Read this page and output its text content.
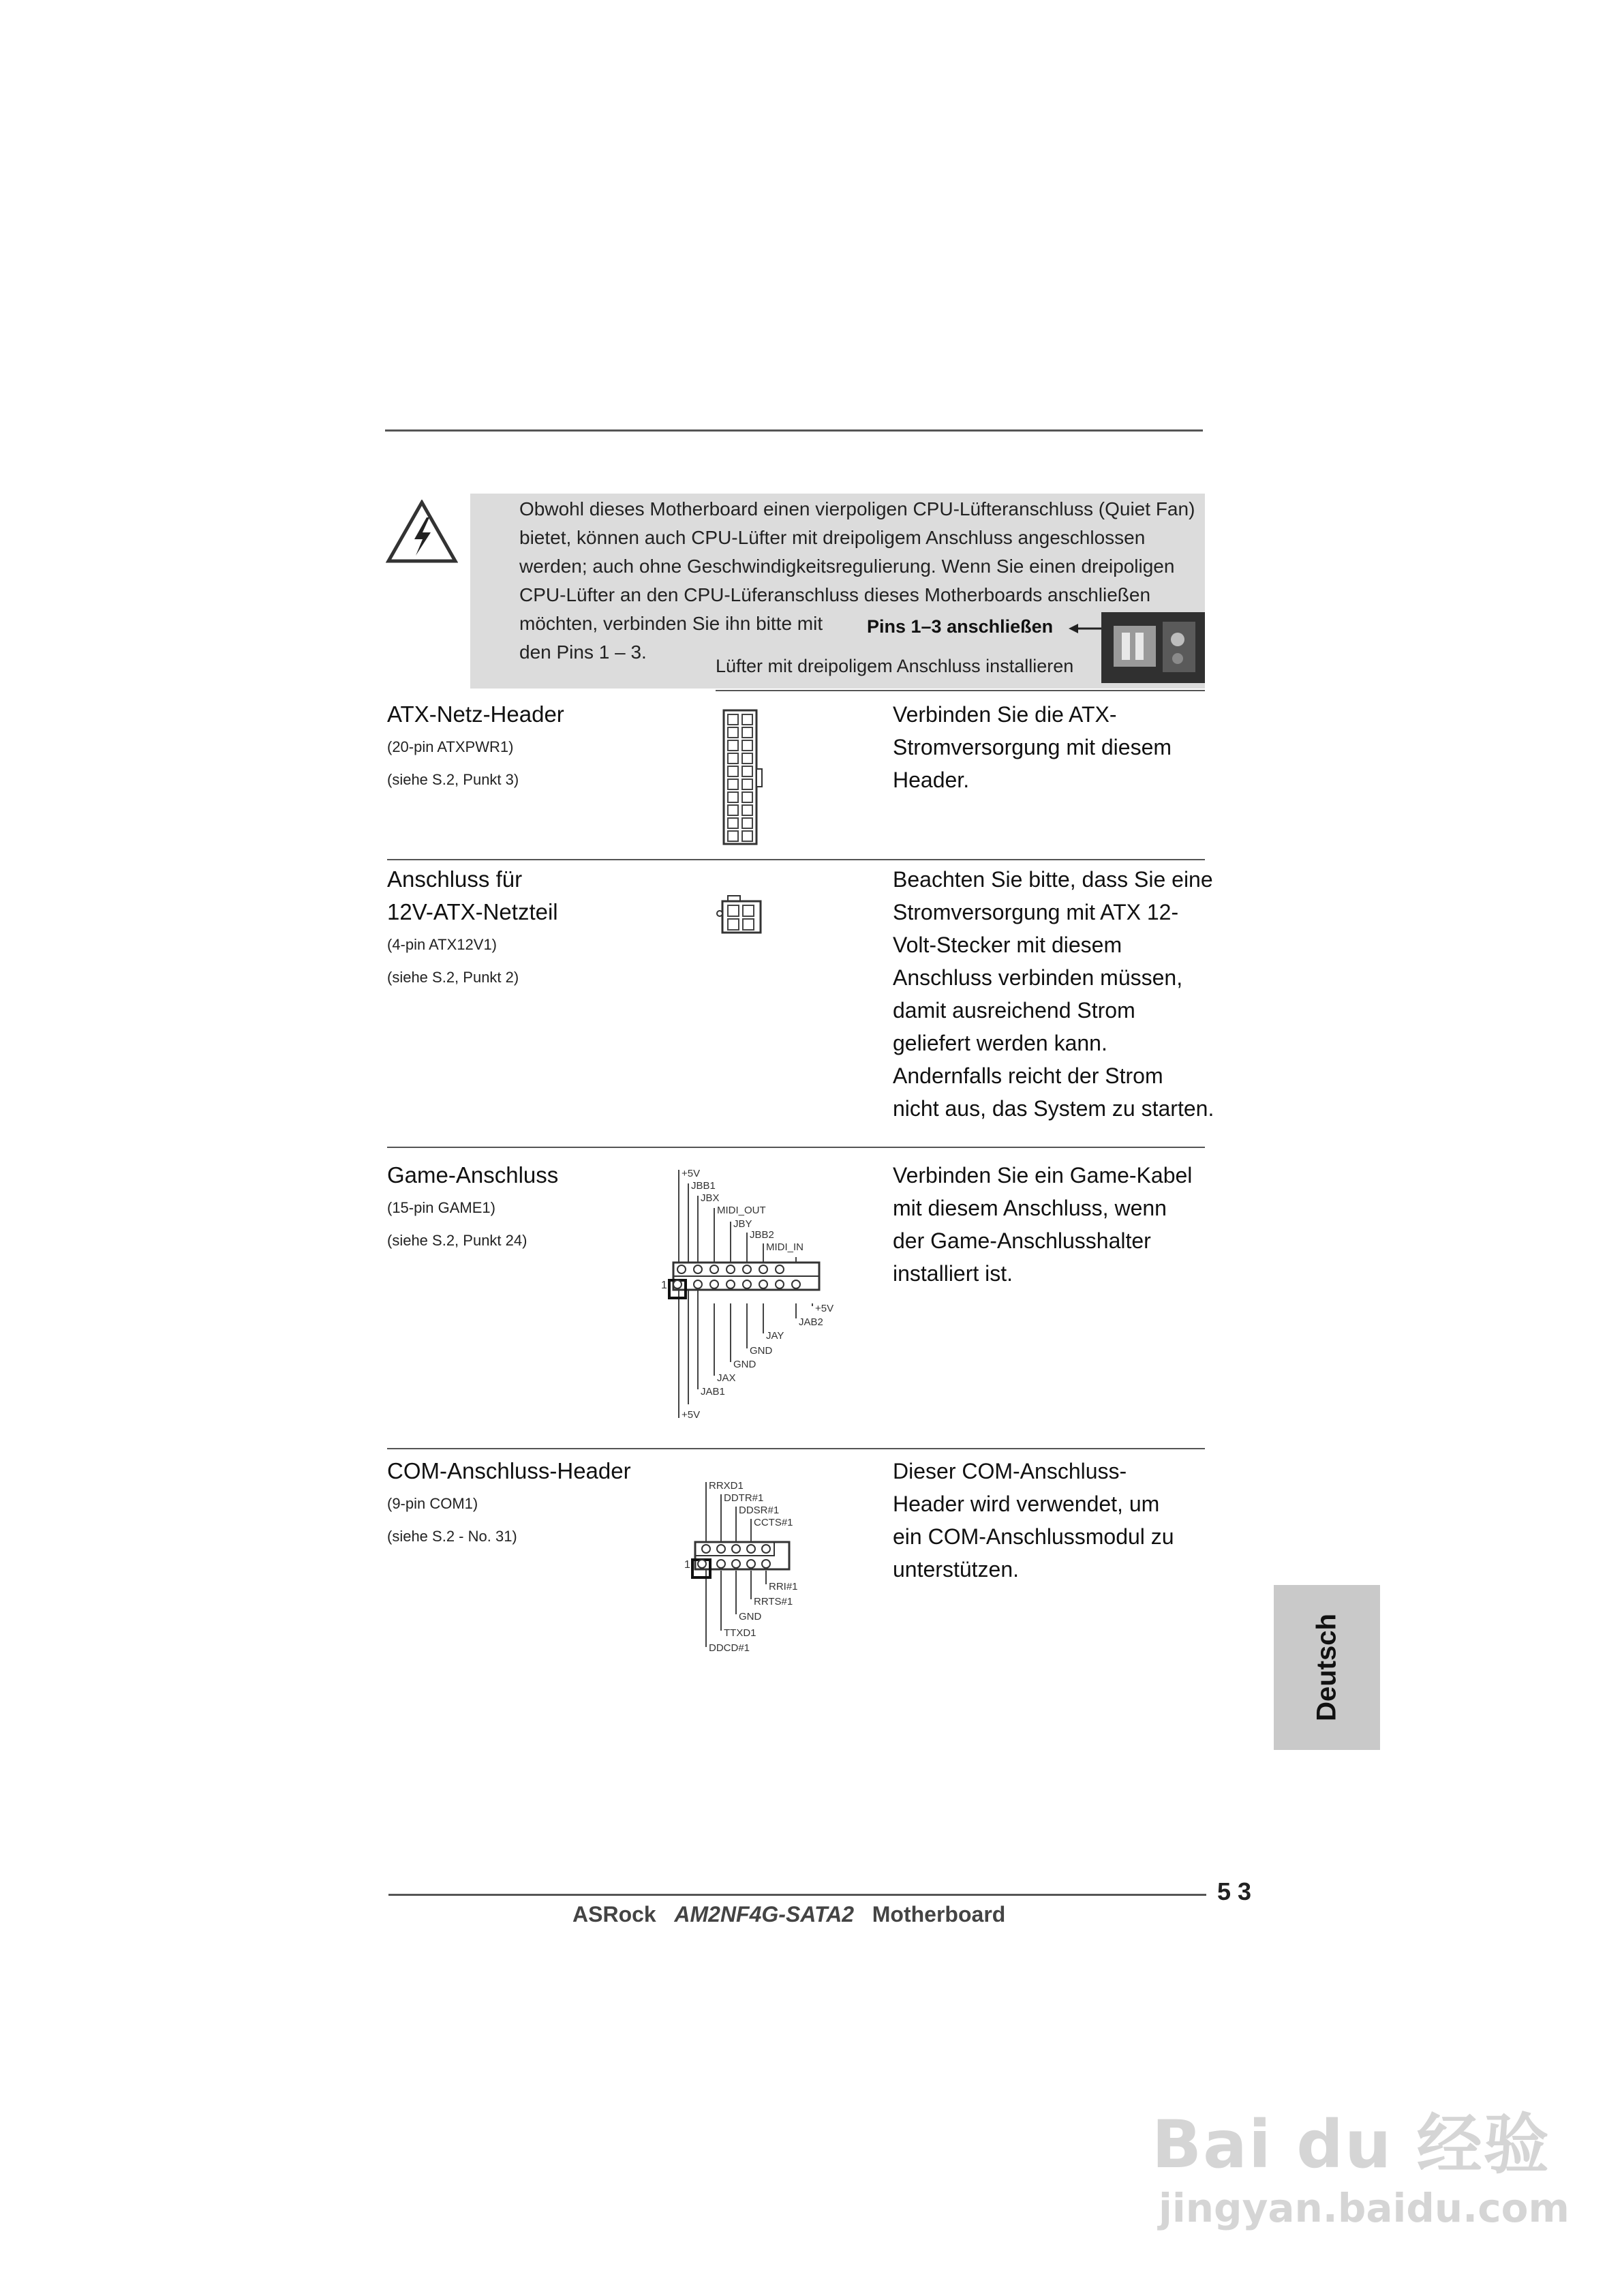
Obwohl dieses Motherboard einen vierpoligen CPU-Lüfteranschluss (Quiet Fan)
bietet, können auch CPU-Lüfter mit dreipoligem Anschluss angeschlossen
werden; auch ohne Geschwindigkeitsregulierung. Wenn Sie einen dreipoligen
CPU-Lüfter an den CPU-Lüferanschluss dieses Motherboards anschließen
möchten, verbinden Sie ihn bitte mit
den Pins 1 – 3.
Pins 1–3 anschließen
Lüfter mit dreipoligem Anschluss installieren
ATX-Netz-Header
(20-pin ATXPWR1)
(siehe S.2, Punkt 3)
Verbinden Sie die ATX-
Stromversorgung mit diesem
Header.
Anschluss für
12V-ATX-Netzteil
(4-pin ATX12V1)
(siehe S.2, Punkt 2)
Beachten Sie bitte, dass Sie eine
Stromversorgung mit ATX 12-
Volt-Stecker mit diesem
Anschluss verbinden müssen,
damit ausreichend Strom
geliefert werden kann.
Andernfalls reicht der Strom
nicht aus, das System zu starten.
Game-Anschluss
(15-pin GAME1)
(siehe S.2, Punkt 24)
1
+5V
JBB1
JBX
MIDI_OUT
JBY
JBB2
MIDI_IN
+5V
JAB2
JAY
GND
GND
JAX
JAB1
+5V
Verbinden Sie ein Game-Kabel
mit diesem Anschluss, wenn
der Game-Anschlusshalter
installiert ist.
COM-Anschluss-Header
(9-pin COM1)
(siehe S.2 - No. 31)
1
RRXD1
DDTR#1
DDSR#1
CCTS#1
RRI#1
RRTS#1
GND
TTXD1
DDCD#1
Dieser COM-Anschluss-
Header wird verwendet, um
ein COM-Anschlussmodul zu
unterstützen.
Deutsch
5 3
ASRock AM2NF4G-SATA2 Motherboard
Bai du 经验
jingyan.baidu.com
